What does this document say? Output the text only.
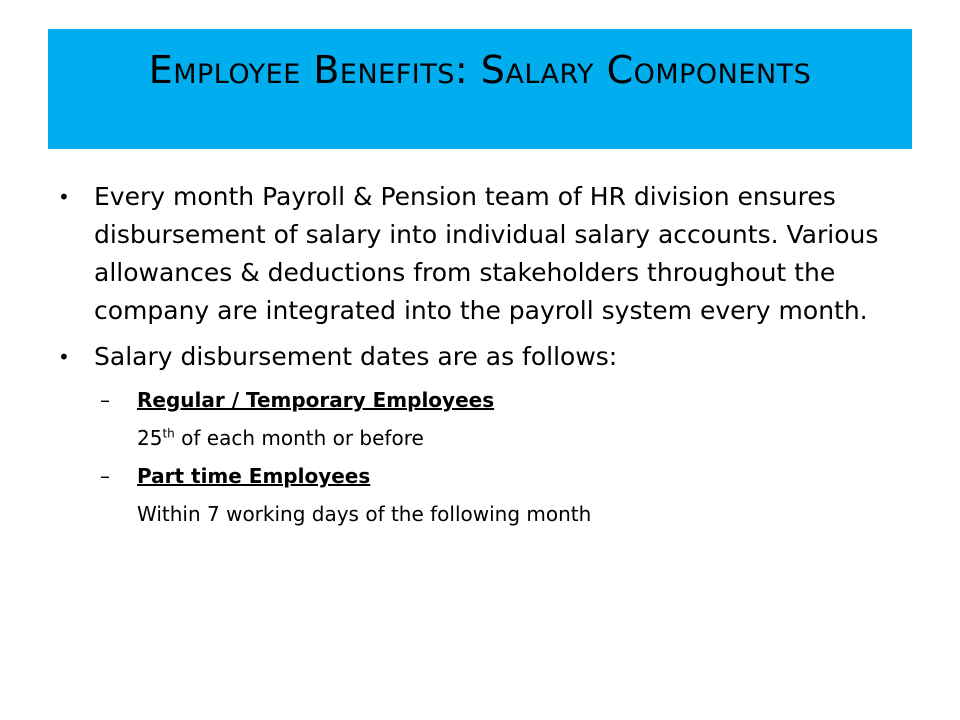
Employee Benefits: Salary Components
• Every month Payroll & Pension team of HR division ensures disbursement of salary into individual salary accounts. Various allowances & deductions from stakeholders throughout the company are integrated into the payroll system every month.
• Salary disbursement dates are as follows:
– Regular / Temporary Employees
25th of each month or before
– Part time Employees
Within 7 working days of the following month
